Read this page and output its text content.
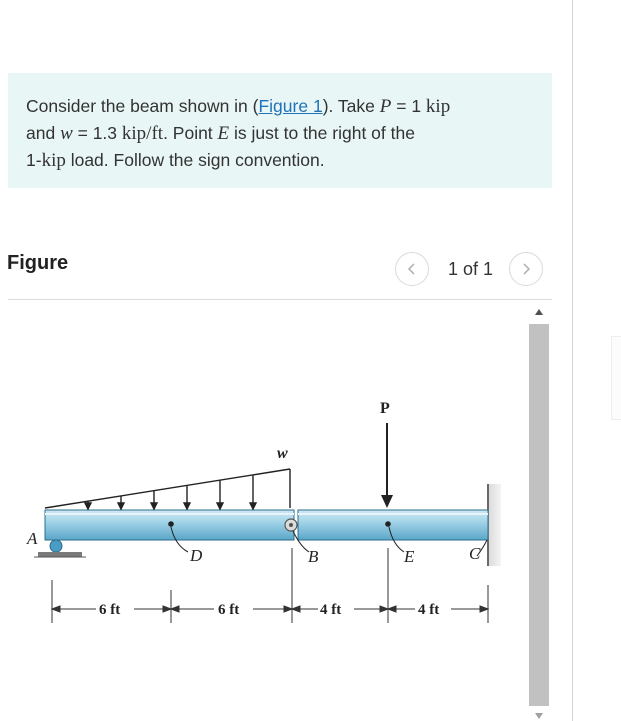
Consider the beam shown in (Figure 1). Take P = 1 kip

and w = 1.3 kip/ft. Point E is just to the right of the

1-kip load. Follow the sign convention.

Figure	1 of 1
w
P
A
D	B	E	C
6 ft	6 ft	4 ft	4 ft
